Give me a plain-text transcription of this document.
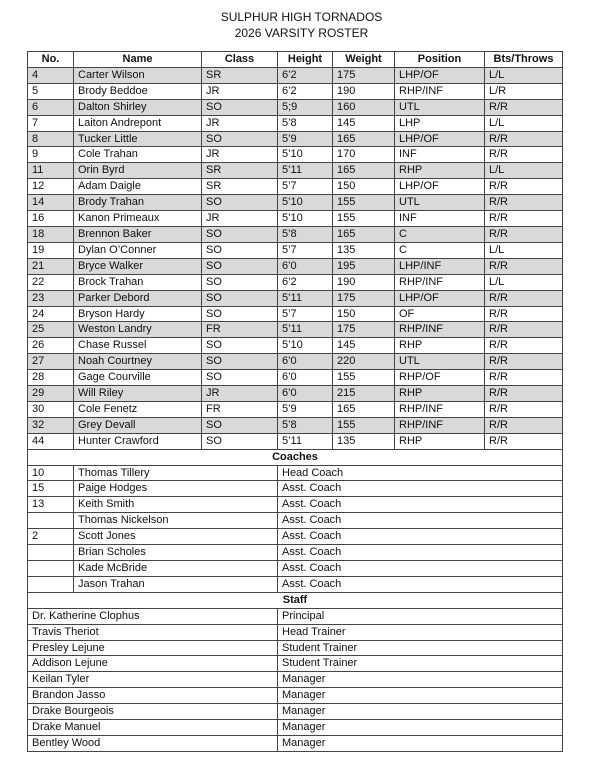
SULPHUR HIGH TORNADOS
2026 VARSITY ROSTER
No.	Name	Class	Height	Weight	Position	Bts/Throws
4	Carter Wilson	SR	6’2	175	LHP/OF	L/L
5	Brody Beddoe	JR	6’2	190	RHP/INF	L/R
6	Dalton Shirley	SO	5;9	160	UTL	R/R
7	Laiton Andrepont	JR	5’8	145	LHP	L/L
8	Tucker Little	SO	5’9	165	LHP/OF	R/R
9	Cole Trahan	JR	5’10	170	INF	R/R
11	Orin Byrd	SR	5’11	165	RHP	L/L
12	Adam Daigle	SR	5’7	150	LHP/OF	R/R
14	Brody Trahan	SO	5’10	155	UTL	R/R
16	Kanon Primeaux	JR	5’10	155	INF	R/R
18	Brennon Baker	SO	5’8	165	C	R/R
19	Dylan O’Conner	SO	5’7	135	C	L/L
21	Bryce Walker	SO	6’0	195	LHP/INF	R/R
22	Brock Trahan	SO	6’2	190	RHP/INF	L/L
23	Parker Debord	SO	5’11	175	LHP/OF	R/R
24	Bryson Hardy	SO	5’7	150	OF	R/R
25	Weston Landry	FR	5’11	175	RHP/INF	R/R
26	Chase Russel	SO	5’10	145	RHP	R/R
27	Noah Courtney	SO	6’0	220	UTL	R/R
28	Gage Courville	SO	6’0	155	RHP/OF	R/R
29	Will Riley	JR	6’0	215	RHP	R/R
30	Cole Fenetz	FR	5’9	165	RHP/INF	R/R
32	Grey Devall	SO	5’8	155	RHP/INF	R/R
44	Hunter Crawford	SO	5’11	135	RHP	R/R
Coaches						
10	Thomas Tillery		Head Coach			
15	Paige Hodges		Asst. Coach			
13	Keith Smith		Asst. Coach			
	Thomas Nickelson		Asst. Coach			
2	Scott Jones		Asst. Coach			
	Brian Scholes		Asst. Coach			
	Kade McBride		Asst. Coach			
	Jason Trahan		Asst. Coach			
Staff						
Dr. Katherine Clophus			Principal			
Travis Theriot			Head Trainer			
Presley Lejune			Student Trainer			
Addison Lejune			Student Trainer			
Keilan Tyler			Manager			
Brandon Jasso			Manager			
Drake Bourgeois			Manager			
Drake Manuel			Manager			
Bentley Wood			Manager			
